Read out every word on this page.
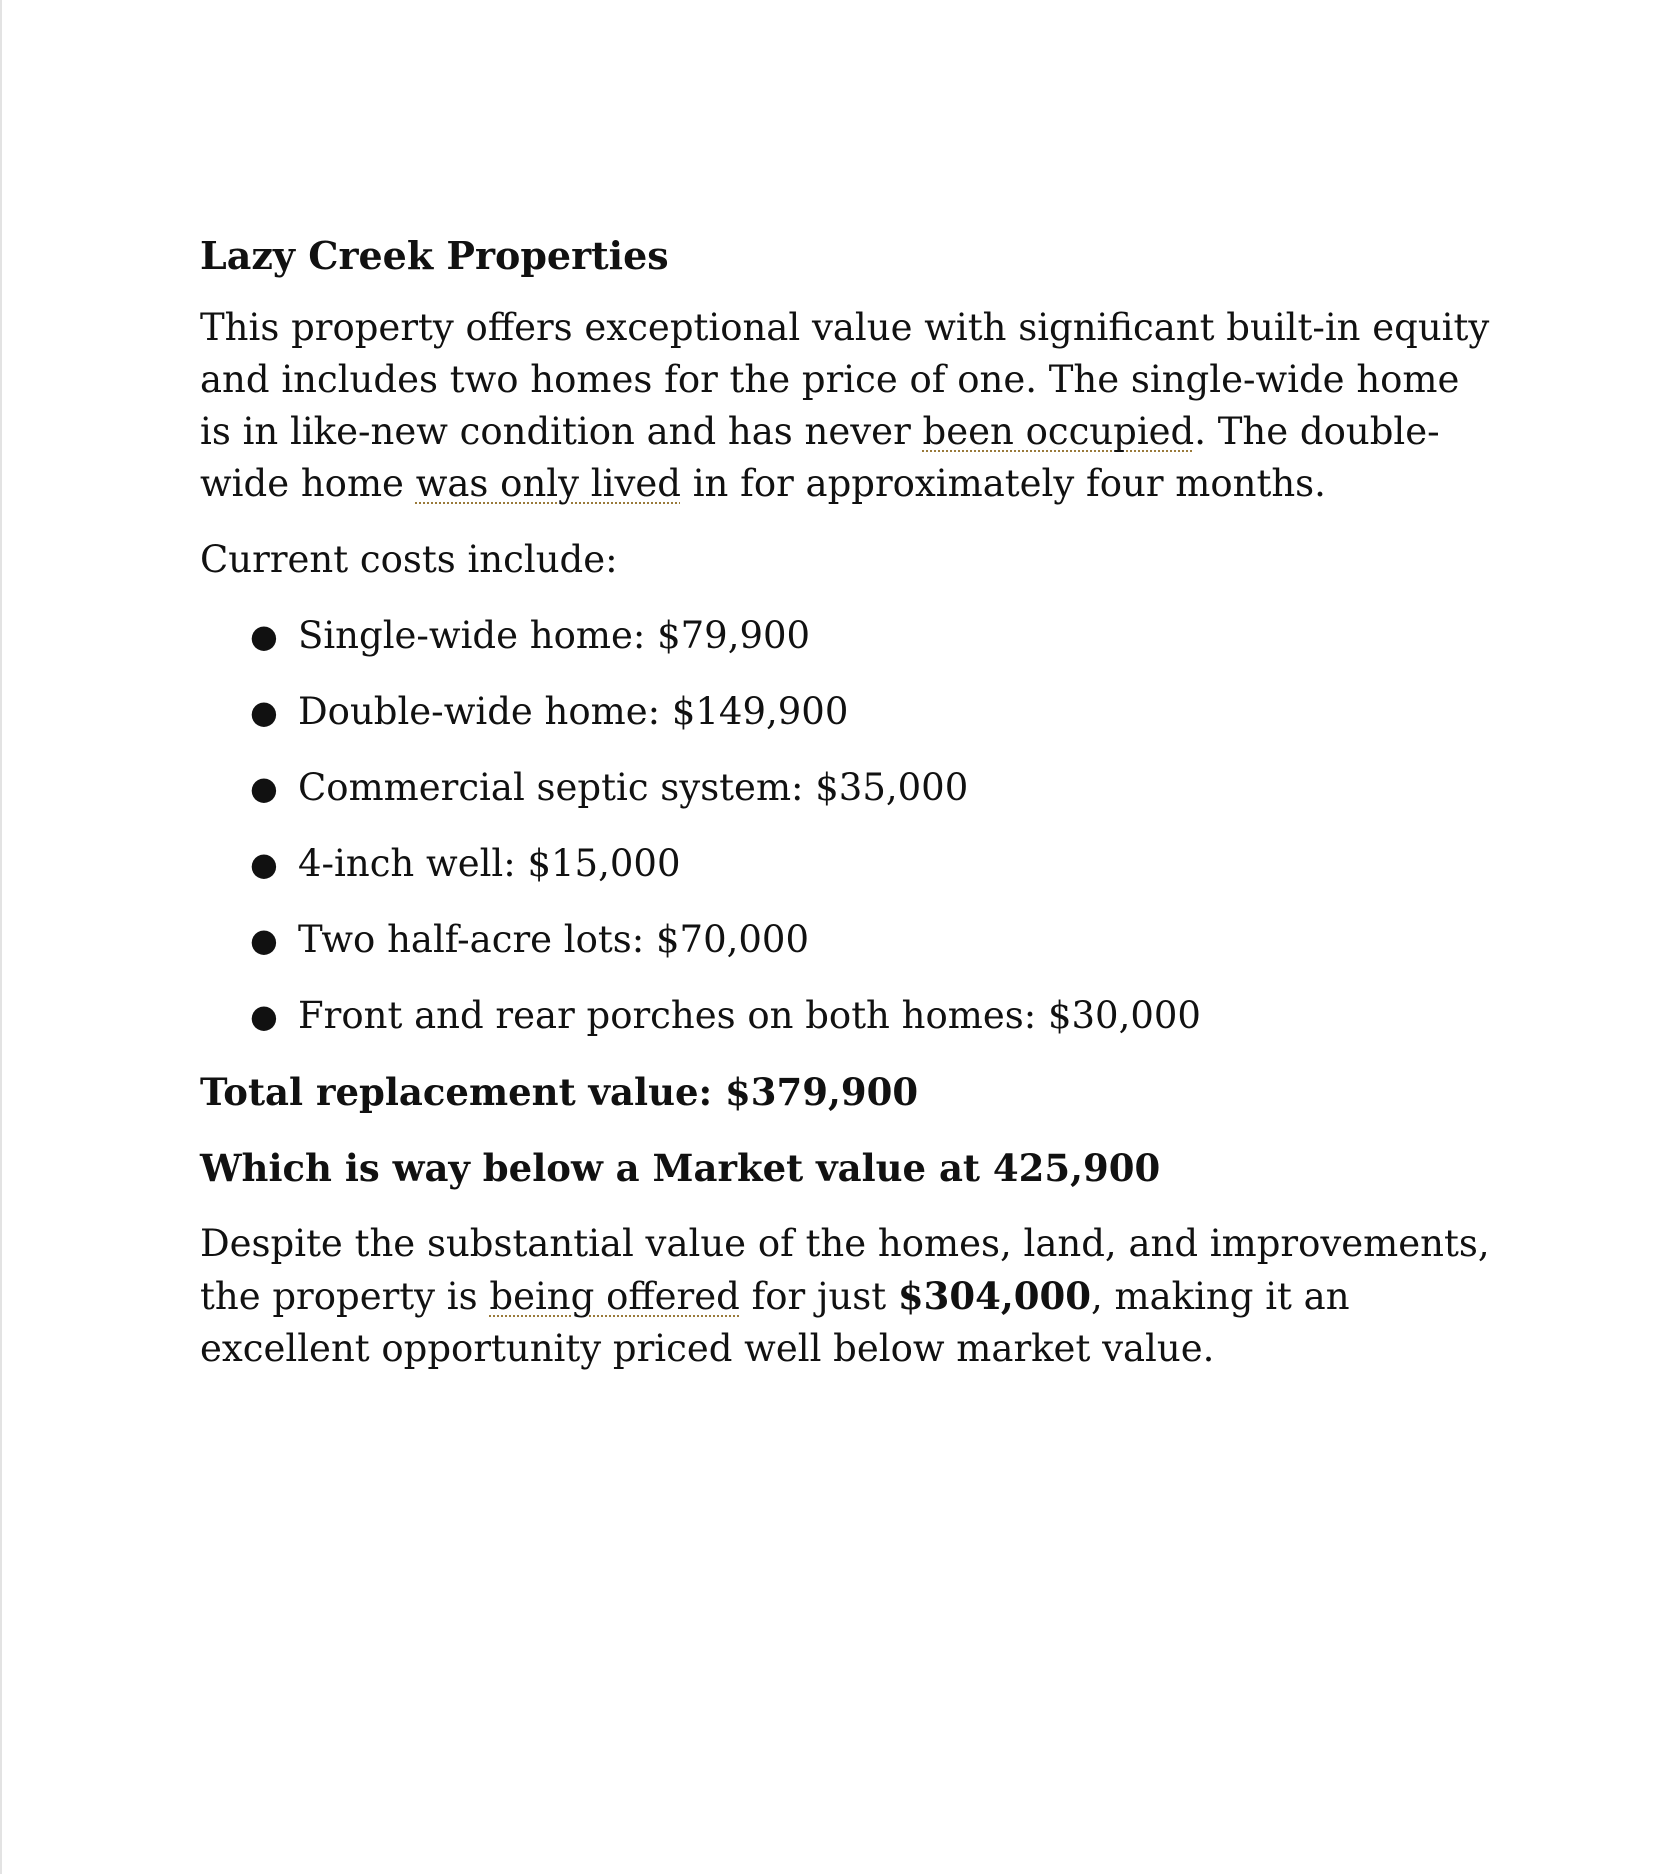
Lazy Creek Properties

This property offers exceptional value with significant built-in equity and includes two homes for the price of one. The single-wide home is in like-new condition and has never been occupied. The double-wide home was only lived in for approximately four months.

Current costs include:

● Single-wide home: $79,900
● Double-wide home: $149,900
● Commercial septic system: $35,000
● 4-inch well: $15,000
● Two half-acre lots: $70,000
● Front and rear porches on both homes: $30,000

Total replacement value: $379,900

Which is way below a Market value at 425,900

Despite the substantial value of the homes, land, and improvements, the property is being offered for just $304,000, making it an excellent opportunity priced well below market value.
